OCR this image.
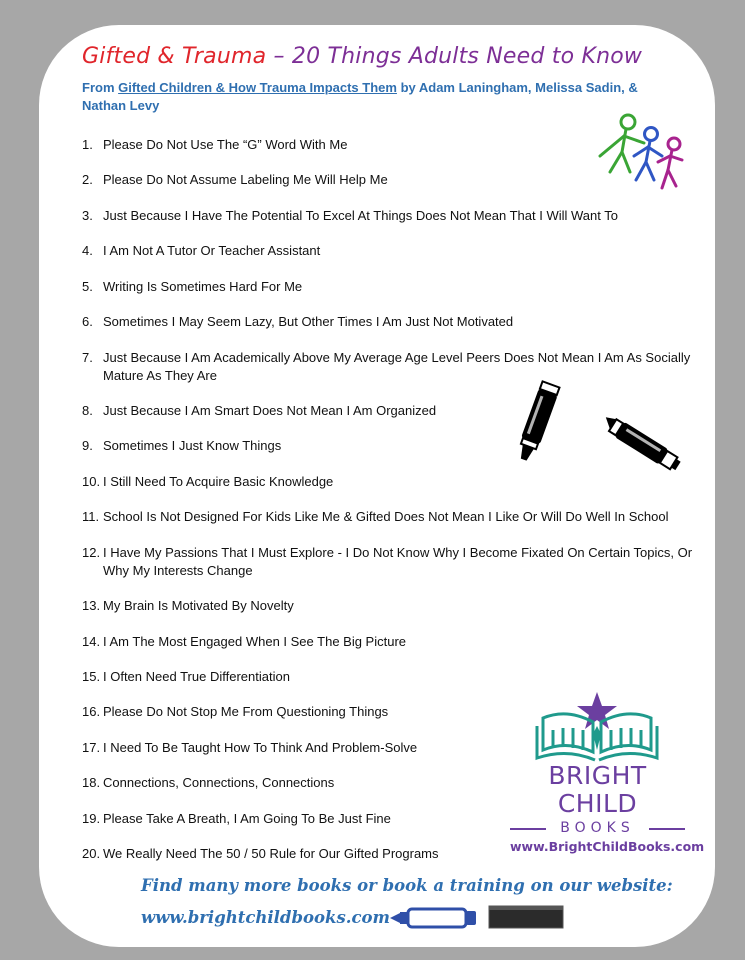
Gifted & Trauma – 20 Things Adults Need to Know
From Gifted Children & How Trauma Impacts Them by Adam Laningham, Melissa Sadin, & Nathan Levy
1. Please Do Not Use The “G” Word With Me
2. Please Do Not Assume Labeling Me Will Help Me
3. Just Because I Have The Potential To Excel At Things Does Not Mean That I Will Want To
4. I Am Not A Tutor Or Teacher Assistant
5. Writing Is Sometimes Hard For Me
6. Sometimes I May Seem Lazy, But Other Times I Am Just Not Motivated
7. Just Because I Am Academically Above My Average Age Level Peers Does Not Mean I Am As Socially Mature As They Are
8. Just Because I Am Smart Does Not Mean I Am Organized
9. Sometimes I Just Know Things
10. I Still Need To Acquire Basic Knowledge
11. School Is Not Designed For Kids Like Me & Gifted Does Not Mean I Like Or Will Do Well In School
12. I Have My Passions That I Must Explore - I Do Not Know Why I Become Fixated On Certain Topics, Or Why My Interests Change
13. My Brain Is Motivated By Novelty
14. I Am The Most Engaged When I See The Big Picture
15. I Often Need True Differentiation
16. Please Do Not Stop Me From Questioning Things
17. I Need To Be Taught How To Think And Problem-Solve
18. Connections, Connections, Connections
19. Please Take A Breath, I Am Going To Be Just Fine
20. We Really Need The 50 / 50 Rule for Our Gifted Programs
BRIGHT CHILD
BOOKS
www.BrightChildBooks.com
Find many more books or book a training on our website:
www.brightchildbooks.com
